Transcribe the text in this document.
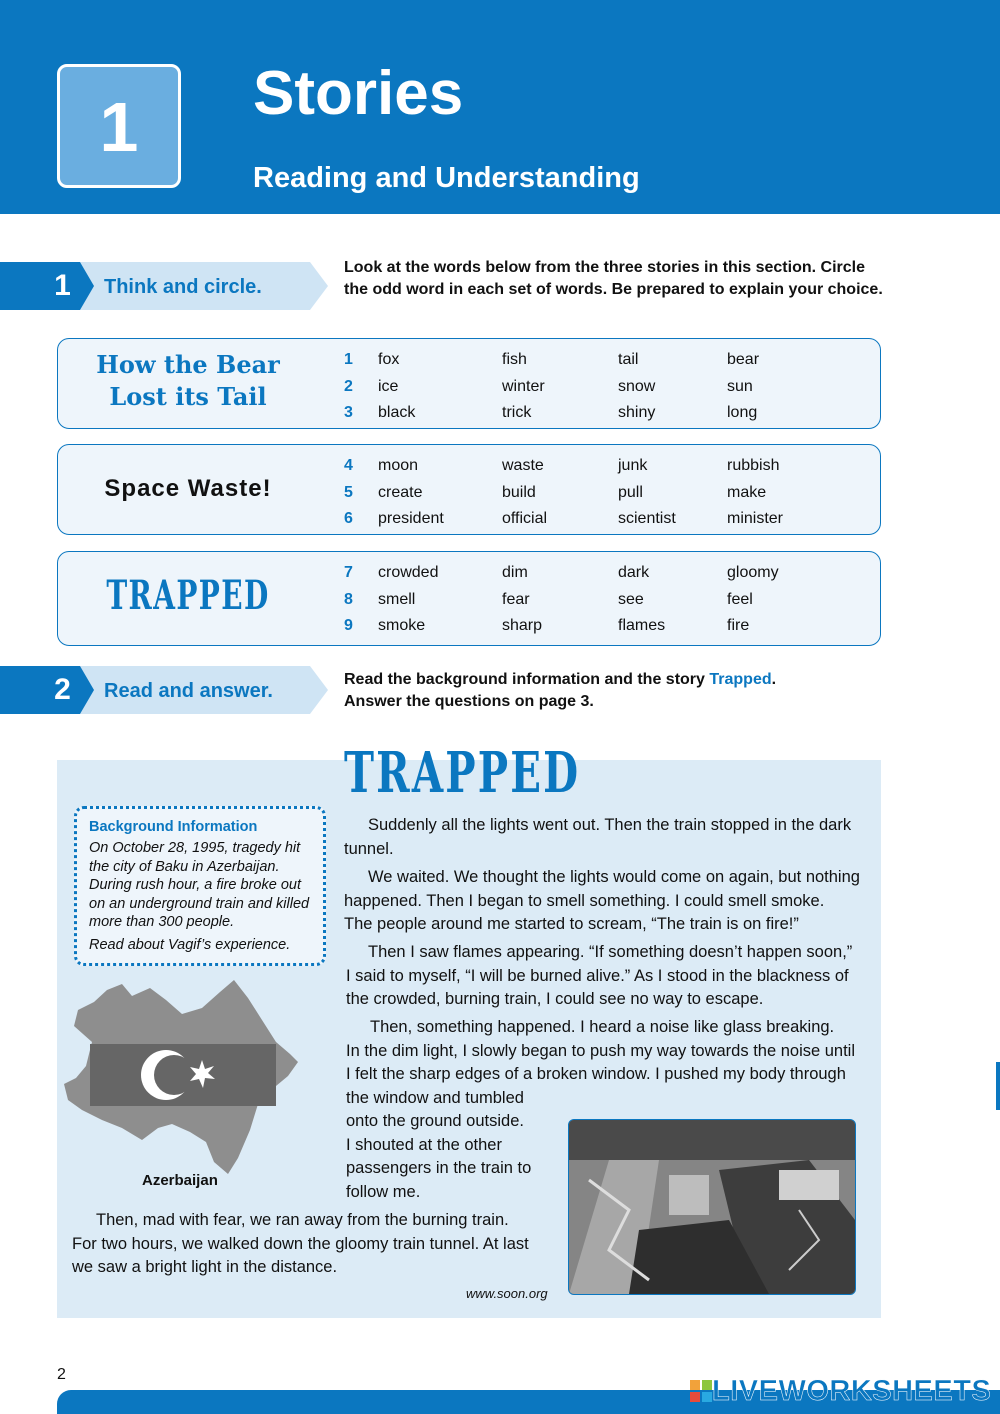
1	Stories
Reading and Understanding
1	Think and circle.
Look at the words below from the three stories in this section. Circle the odd word in each set of words. Be prepared to explain your choice.
How the Bear
Lost its Tail
1 fox	fish	tail	bear
2 ice	winter	snow	sun
3 black	trick	shiny	long
Space Waste!
4 moon	waste	junk	rubbish
5 create	build	pull	make
6 president	official	scientist	minister
TRAPPED	7 crowded	dim	dark	gloomy
8 smell	fear	see	feel
9 smoke	sharp	flames	fire
2	Read and answer.
Read the background information and the story Trapped.
Answer the questions on page 3.
TRAPPED
Background Information

On October 28, 1995, tragedy hit the city of Baku in Azerbaijan. During rush hour, a fire broke out on an underground train and killed more than 300 people.

Read about Vagif’s experience.

Suddenly all the lights went out. Then the train stopped in the dark
tunnel.
We waited. We thought the lights would come on again, but nothing
happened. Then I began to smell something. I could smell smoke.
The people around me started to scream, “The train is on fire!”
Then I saw flames appearing. “If something doesn’t happen soon,”
I said to myself, “I will be burned alive.” As I stood in the blackness of
the crowded, burning train, I could see no way to escape.
Then, something happened. I heard a noise like glass breaking.
In the dim light, I slowly began to push my way towards the noise until
I felt the sharp edges of a broken window. I pushed my body through
the window and tumbled
onto the ground outside.
I shouted at the other
passengers in the train to
follow me.
Then, mad with fear, we ran away from the burning train.
For two hours, we walked down the gloomy train tunnel. At last
we saw a bright light in the distance.
Azerbaijan
www.soon.org
2	LIVEWORKSHEETS
